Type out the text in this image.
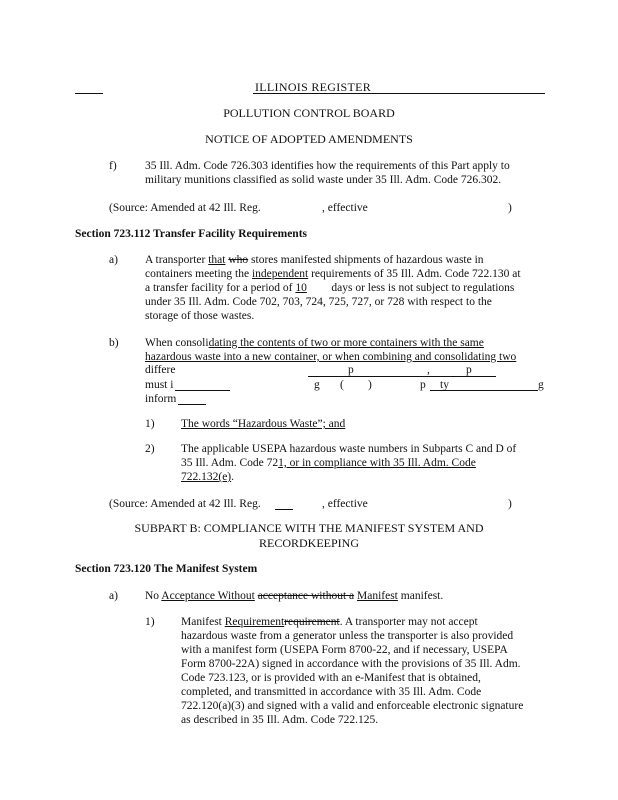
ILLINOIS REGISTER
POLLUTION CONTROL BOARD
NOTICE OF ADOPTED AMENDMENTS
f) 35 Ill. Adm. Code 726.303 identifies how the requirements of this Part apply to
military munitions classified as solid waste under 35 Ill. Adm. Code 726.302.
(Source: Amended at 42 Ill. Reg.	, effective	)
Section 723.112 Transfer Facility Requirements
a) A transporter that who stores manifested shipments of hazardous waste in
containers meeting the independent requirements of 35 Ill. Adm. Code 722.130 at
a transfer facility for a period of 10 days or less is not subject to regulations
under 35 Ill. Adm. Code 702, 703, 724, 725, 727, or 728 with respect to the
storage of those wastes.
b) When consolidating the contents of two or more containers with the same
hazardous waste into a new container, or when combining and consolidating two
differe	p	,	p
must i	g ( )	p ty	g
inform
1) The words “Hazardous Waste”; and
2) The applicable USEPA hazardous waste numbers in Subparts C and D of
35 Ill. Adm. Code 721, or in compliance with 35 Ill. Adm. Code
722.132(e).
(Source: Amended at 42 Ill. Reg.	, effective	)
SUBPART B: COMPLIANCE WITH THE MANIFEST SYSTEM AND
RECORDKEEPING
Section 723.120 The Manifest System
a) No Acceptance Without acceptance without a Manifest manifest.
1) Manifest Requirementrequirement. A transporter may not accept
hazardous waste from a generator unless the transporter is also provided
with a manifest form (USEPA Form 8700-22, and if necessary, USEPA
Form 8700-22A) signed in accordance with the provisions of 35 Ill. Adm.
Code 723.123, or is provided with an e-Manifest that is obtained,
completed, and transmitted in accordance with 35 Ill. Adm. Code
722.120(a)(3) and signed with a valid and enforceable electronic signature
as described in 35 Ill. Adm. Code 722.125.
